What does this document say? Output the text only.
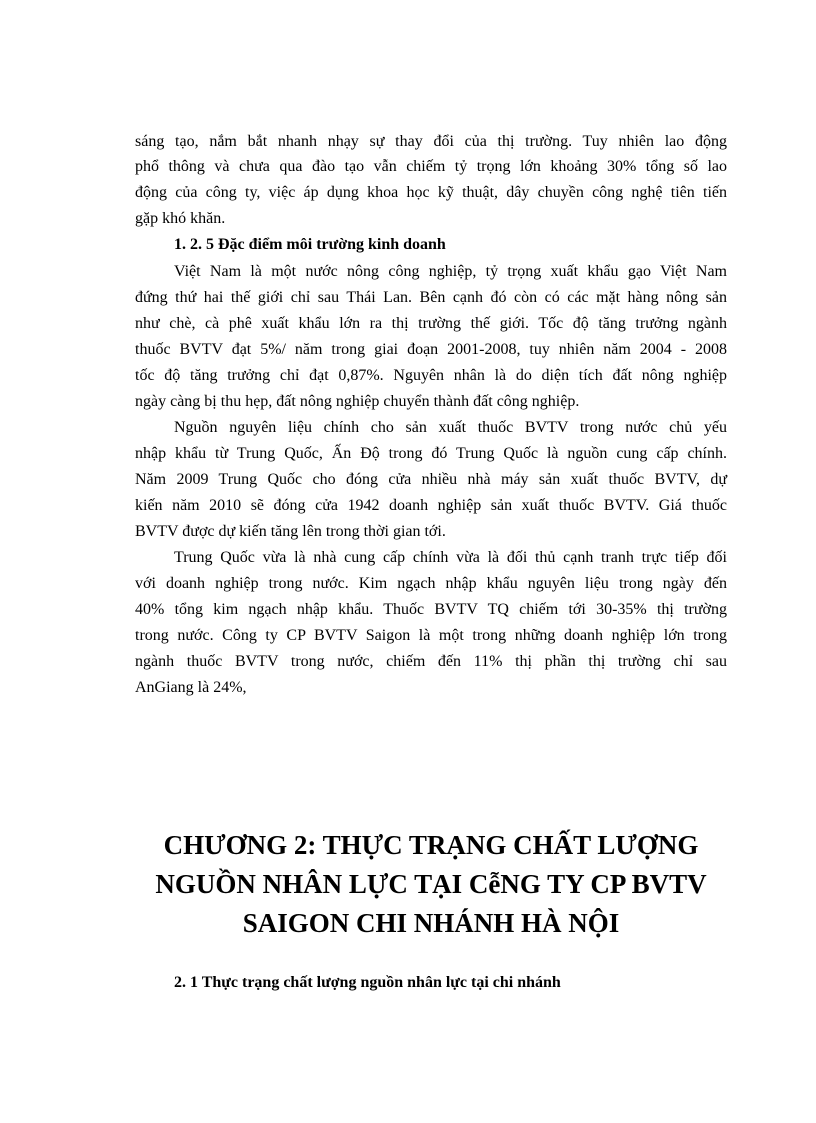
sáng tạo, nắm bắt nhanh nhạy sự thay đổi của thị trường. Tuy nhiên lao động
phổ thông và chưa qua đào tạo vẫn chiếm tỷ trọng lớn khoảng 30% tổng số lao
động của công ty, việc áp dụng khoa học kỹ thuật, dây chuyền công nghệ tiên tiến
gặp khó khăn.
1. 2. 5 Đặc điểm môi trường kinh doanh
Việt Nam là một nước nông công nghiệp, tỷ trọng xuất khẩu gạo Việt Nam
đứng thứ hai thế giới chỉ sau Thái Lan. Bên cạnh đó còn có các mặt hàng nông sản
như chè, cà phê xuất khẩu lớn ra thị trường thế giới. Tốc độ tăng trưởng ngành
thuốc BVTV đạt 5%/ năm trong giai đoạn 2001-2008, tuy nhiên năm 2004 - 2008
tốc độ tăng trưởng chỉ đạt 0,87%. Nguyên nhân là do diện tích đất nông nghiệp
ngày càng bị thu hẹp, đất nông nghiệp chuyển thành đất công nghiệp.
Nguồn nguyên liệu chính cho sản xuất thuốc BVTV trong nước chủ yếu
nhập khẩu từ Trung Quốc, Ấn Độ trong đó Trung Quốc là nguồn cung cấp chính.
Năm 2009 Trung Quốc cho đóng cửa nhiều nhà máy sản xuất thuốc BVTV, dự
kiến năm 2010 sẽ đóng cửa 1942 doanh nghiệp sản xuất thuốc BVTV. Giá thuốc
BVTV được dự kiến tăng lên trong thời gian tới.
Trung Quốc vừa là nhà cung cấp chính vừa là đối thủ cạnh tranh trực tiếp đối
với doanh nghiệp trong nước. Kim ngạch nhập khẩu nguyên liệu trong ngày đến
40% tổng kim ngạch nhập khẩu. Thuốc BVTV TQ chiếm tới 30-35% thị trường
trong nước. Công ty CP BVTV Saigon là một trong những doanh nghiệp lớn trong
ngành thuốc BVTV trong nước, chiếm đến 11% thị phần thị trường chỉ sau
AnGiang là 24%,
CHƯƠNG 2: THỰC TRẠNG CHẤT LƯỢNG
NGUỒN NHÂN LỰC TẠI CễNG TY CP BVTV
SAIGON CHI NHÁNH HÀ NỘI
2. 1 Thực trạng chất lượng nguồn nhân lực tại chi nhánh
